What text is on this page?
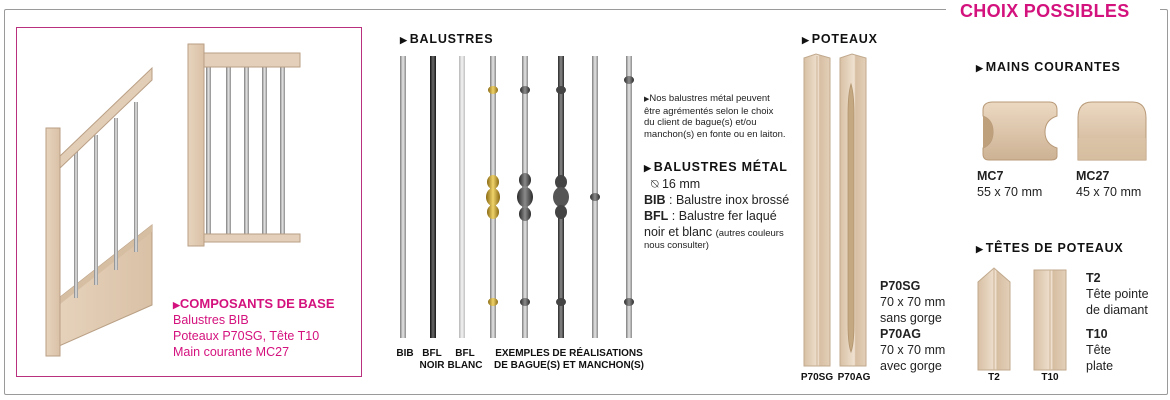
CHOIX POSSIBLES
▶COMPOSANTS DE BASE
Balustres BIB
Poteaux P70SG, Tête T10
Main courante MC27
▶ BALUSTRES
BIB BFL
NOIR
BFL
BLANC
EXEMPLES DE RÉALISATIONS
DE BAGUE(S) ET MANCHON(S)
▶Nos balustres métal peuvent
être agrémentés selon le choix
du client de bague(s) et/ou
manchon(s) en fonte ou en laiton.
▶ BALUSTRES MÉTAL
⍉ 16 mm
BIB : Balustre inox brossé
BFL : Balustre fer laqué
noir et blanc (autres couleurs
nous consulter)
▶ POTEAUX
P70SG P70AG
P70SG
70 x 70 mm
sans gorge
P70AG
70 x 70 mm
avec gorge
▶ MAINS COURANTES
MC7
55 x 70 mm
MC27
45 x 70 mm
▶ TÊTES DE POTEAUX
T2	T10
T2
Tête pointe
de diamant
T10
Tête
plate
